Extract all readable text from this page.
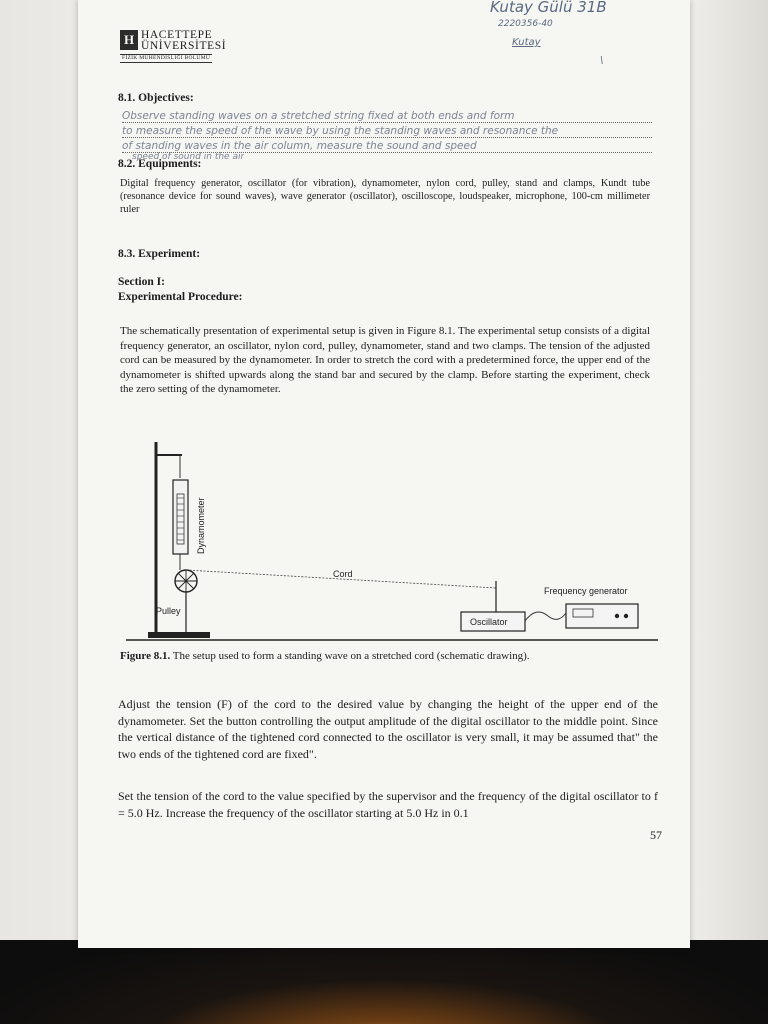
H HACETTEPE
ÜNİVERSİTESİ
FİZİK MÜHENDİSLİĞİ BÖLÜMÜ
Kutay Gülü 31B
2220356-40
Kutay
\
8.1. Objectives:
Observe standing waves on a stretched string fixed at both ends and form
to measure the speed of the wave by using the standing waves and resonance the
of standing waves in the air column, measure the sound and speed
speed of sound in the air
8.2. Equipments:
Digital frequency generator, oscillator (for vibration), dynamometer, nylon cord, pulley, stand and clamps, Kundt tube (resonance device for sound waves), wave generator (oscillator), oscilloscope, loudspeaker, microphone, 100-cm millimeter ruler
8.3. Experiment:
Section I:
Experimental Procedure:
The schematically presentation of experimental setup is given in Figure 8.1. The experimental setup consists of a digital frequency generator, an oscillator, nylon cord, pulley, dynamometer, stand and two clamps. The tension of the adjusted cord can be measured by the dynamometer. In order to stretch the cord with a predetermined force, the upper end of the dynamometer is shifted upwards along the stand bar and secured by the clamp. Before starting the experiment, check the zero setting of the dynamometer.
Dynamometer
Pulley
Cord
Oscillator
Frequency generator
Figure 8.1. The setup used to form a standing wave on a stretched cord (schematic drawing).
Adjust the tension (F) of the cord to the desired value by changing the height of the upper end of the dynamometer. Set the button controlling the output amplitude of the digital oscillator to the middle point. Since the vertical distance of the tightened cord connected to the oscillator is very small, it may be assumed that" the two ends of the tightened cord are fixed".
Set the tension of the cord to the value specified by the supervisor and the frequency of the digital oscillator to f = 5.0 Hz. Increase the frequency of the oscillator starting at 5.0 Hz in 0.1
57
